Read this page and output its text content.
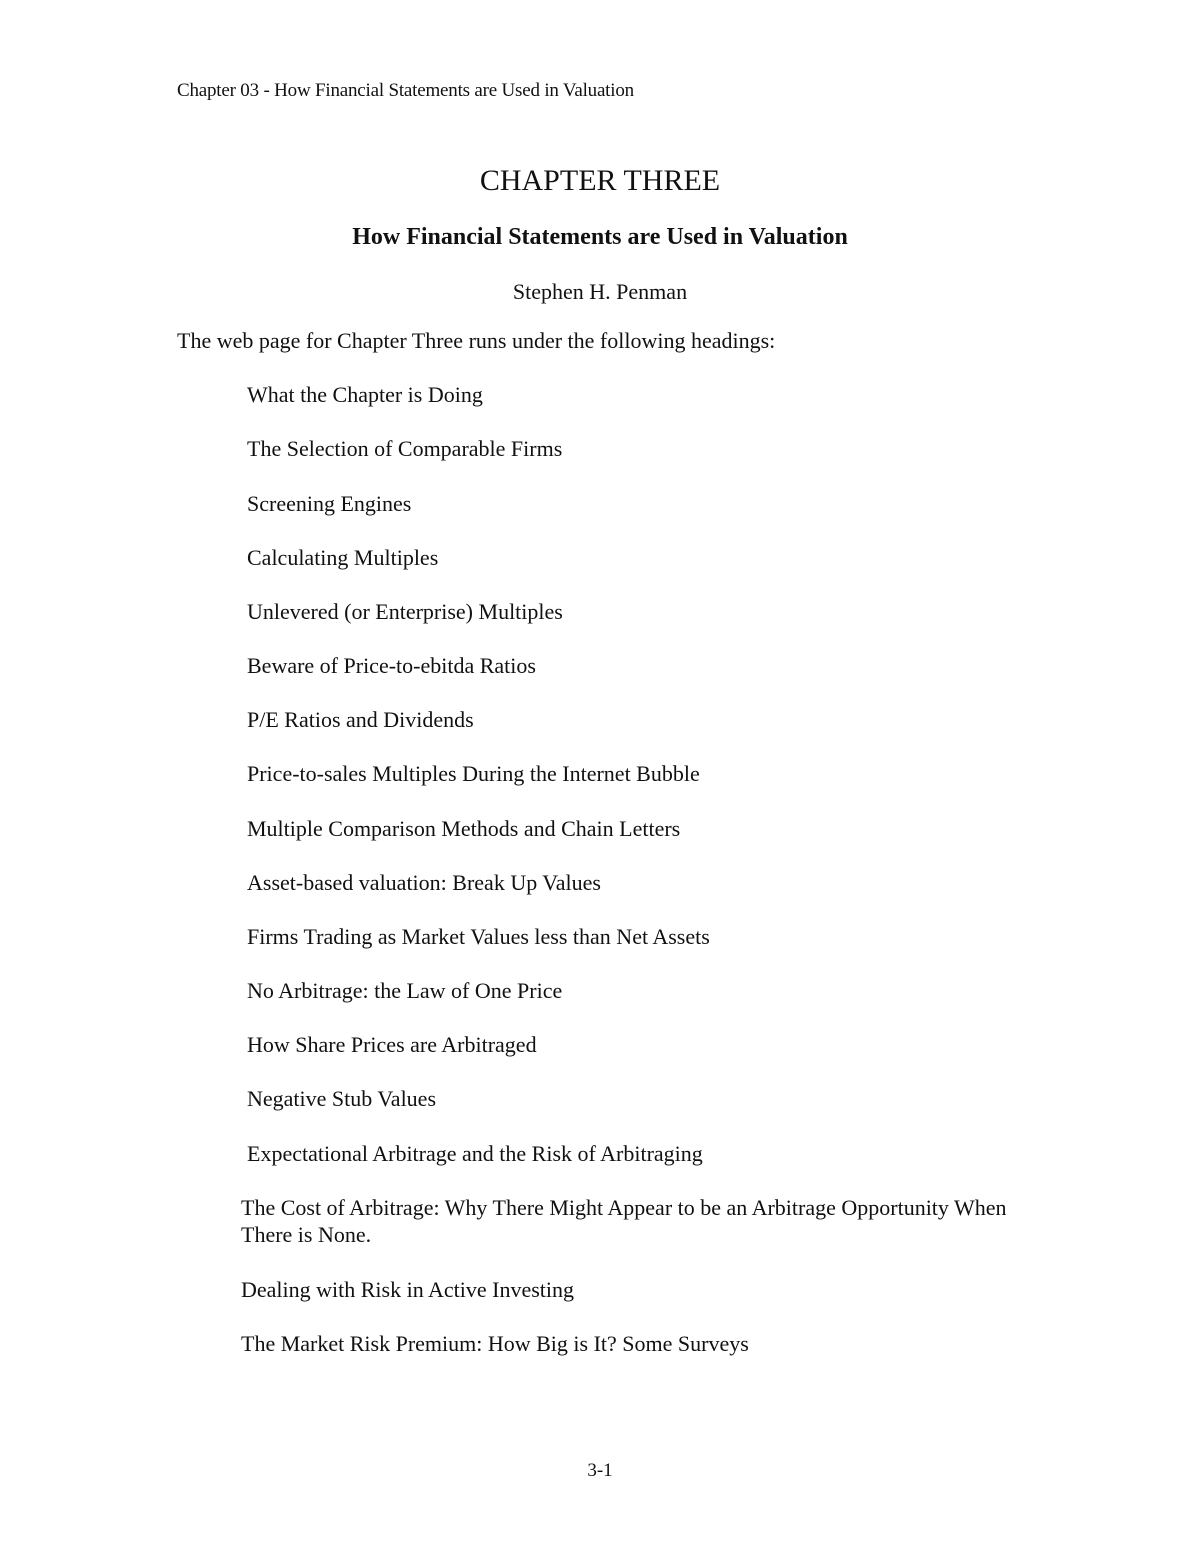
Chapter 03 - How Financial Statements are Used in Valuation
CHAPTER THREE
How Financial Statements are Used in Valuation
Stephen H. Penman
The web page for Chapter Three runs under the following headings:
What the Chapter is Doing
The Selection of Comparable Firms
Screening Engines
Calculating Multiples
Unlevered (or Enterprise) Multiples
Beware of Price-to-ebitda Ratios
P/E Ratios and Dividends
Price-to-sales Multiples During the Internet Bubble
Multiple Comparison Methods and Chain Letters
Asset-based valuation: Break Up Values
Firms Trading as Market Values less than Net Assets
No Arbitrage: the Law of One Price
How Share Prices are Arbitraged
Negative Stub Values
Expectational Arbitrage and the Risk of Arbitraging
The Cost of Arbitrage: Why There Might Appear to be an Arbitrage Opportunity When There is None.
Dealing with Risk in Active Investing
The Market Risk Premium: How Big is It? Some Surveys
3-1
